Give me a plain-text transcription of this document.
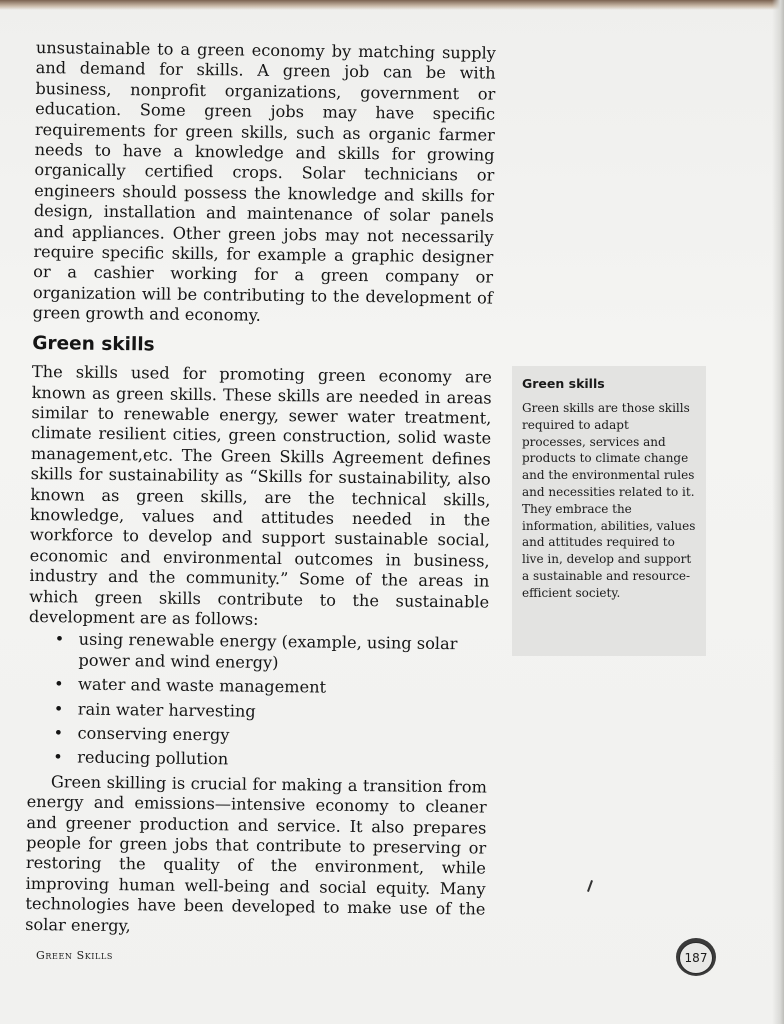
unsustainable to a green economy by matching supply and demand for skills. A green job can be with business, nonprofit organizations, government or education. Some green jobs may have specific requirements for green skills, such as organic farmer needs to have a knowledge and skills for growing organically certified crops. Solar technicians or engineers should possess the knowledge and skills for design, installation and maintenance of solar panels and appliances. Other green jobs may not necessarily require specific skills, for example a graphic designer or a cashier working for a green company or organization will be contributing to the development of green growth and economy.

Green skills

The skills used for promoting green economy are known as green skills. These skills are needed in areas similar to renewable energy, sewer water treatment, climate resilient cities, green construction, solid waste management,etc. The Green Skills Agreement defines skills for sustainability as “Skills for sustainability, also known as green skills, are the technical skills, knowledge, values and attitudes needed in the workforce to develop and support sustainable social, economic and environmental outcomes in business, industry and the community.” Some of the areas in which green skills contribute to the sustainable development are as follows:

• using renewable energy (example, using solar power and wind energy)
• water and waste management
• rain water harvesting
• conserving energy
• reducing pollution

Green skilling is crucial for making a transition from energy and emissions—intensive economy to cleaner and greener production and service. It also prepares people for green jobs that contribute to preserving or restoring the quality of the environment, while improving human well-being and social equity. Many technologies have been developed to make use of the solar energy,

Green skills

Green skills are those skills required to adapt processes, services and products to climate change and the environmental rules and necessities related to it. They embrace the information, abilities, values and attitudes required to live in, develop and support a sustainable and resource-efficient society.

Green Skills	187
